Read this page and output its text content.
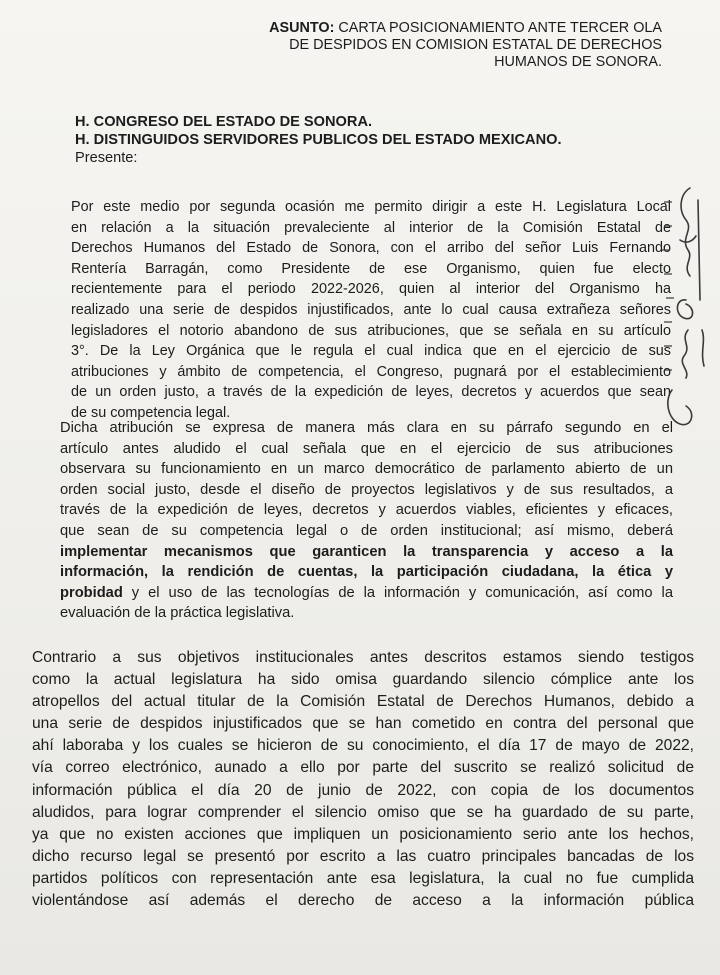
ASUNTO: CARTA POSICIONAMIENTO ANTE TERCER OLA
DE DESPIDOS EN COMISION ESTATAL DE DERECHOS
HUMANOS DE SONORA.
H. CONGRESO DEL ESTADO DE SONORA.
H. DISTINGUIDOS SERVIDORES PUBLICOS DEL ESTADO MEXICANO.
Presente:
Por este medio por segunda ocasión me permito dirigir a este H. Legislatura Local
en relación a la situación prevaleciente al interior de la Comisión Estatal de
Derechos Humanos del Estado de Sonora, con el arribo del señor Luis Fernando
Rentería Barragán, como Presidente de ese Organismo, quien fue electo
recientemente para el periodo 2022-2026, quien al interior del Organismo ha
realizado una serie de despidos injustificados, ante lo cual causa extrañeza señores
legisladores el notorio abandono de sus atribuciones, que se señala en su artículo
3°. De la Ley Orgánica que le regula el cual indica que en el ejercicio de sus
atribuciones y ámbito de competencia, el Congreso, pugnará por el establecimiento
de un orden justo, a través de la expedición de leyes, decretos y acuerdos que sean
de su competencia legal.
Dicha atribución se expresa de manera más clara en su párrafo segundo en el
artículo antes aludido el cual señala que en el ejercicio de sus atribuciones
observara su funcionamiento en un marco democrático de parlamento abierto de un
orden social justo, desde el diseño de proyectos legislativos y de sus resultados, a
través de la expedición de leyes, decretos y acuerdos viables, eficientes y eficaces,
que sean de su competencia legal o de orden institucional; así mismo, deberá
implementar mecanismos que garanticen la transparencia y acceso a la
información, la rendición de cuentas, la participación ciudadana, la ética y
probidad y el uso de las tecnologías de la información y comunicación, así como la
evaluación de la práctica legislativa.
Contrario a sus objetivos institucionales antes descritos estamos siendo testigos
como la actual legislatura ha sido omisa guardando silencio cómplice ante los
atropellos del actual titular de la Comisión Estatal de Derechos Humanos, debido a
una serie de despidos injustificados que se han cometido en contra del personal que
ahí laboraba y los cuales se hicieron de su conocimiento, el día 17 de mayo de 2022,
vía correo electrónico, aunado a ello por parte del suscrito se realizó solicitud de
información pública el día 20 de junio de 2022, con copia de los documentos
aludidos, para lograr comprender el silencio omiso que se ha guardado de su parte,
ya que no existen acciones que impliquen un posicionamiento serio ante los hechos,
dicho recurso legal se presentó por escrito a las cuatro principales bancadas de los
partidos políticos con representación ante esa legislatura, la cual no fue cumplida
violentándose así además el derecho de acceso a la información pública
